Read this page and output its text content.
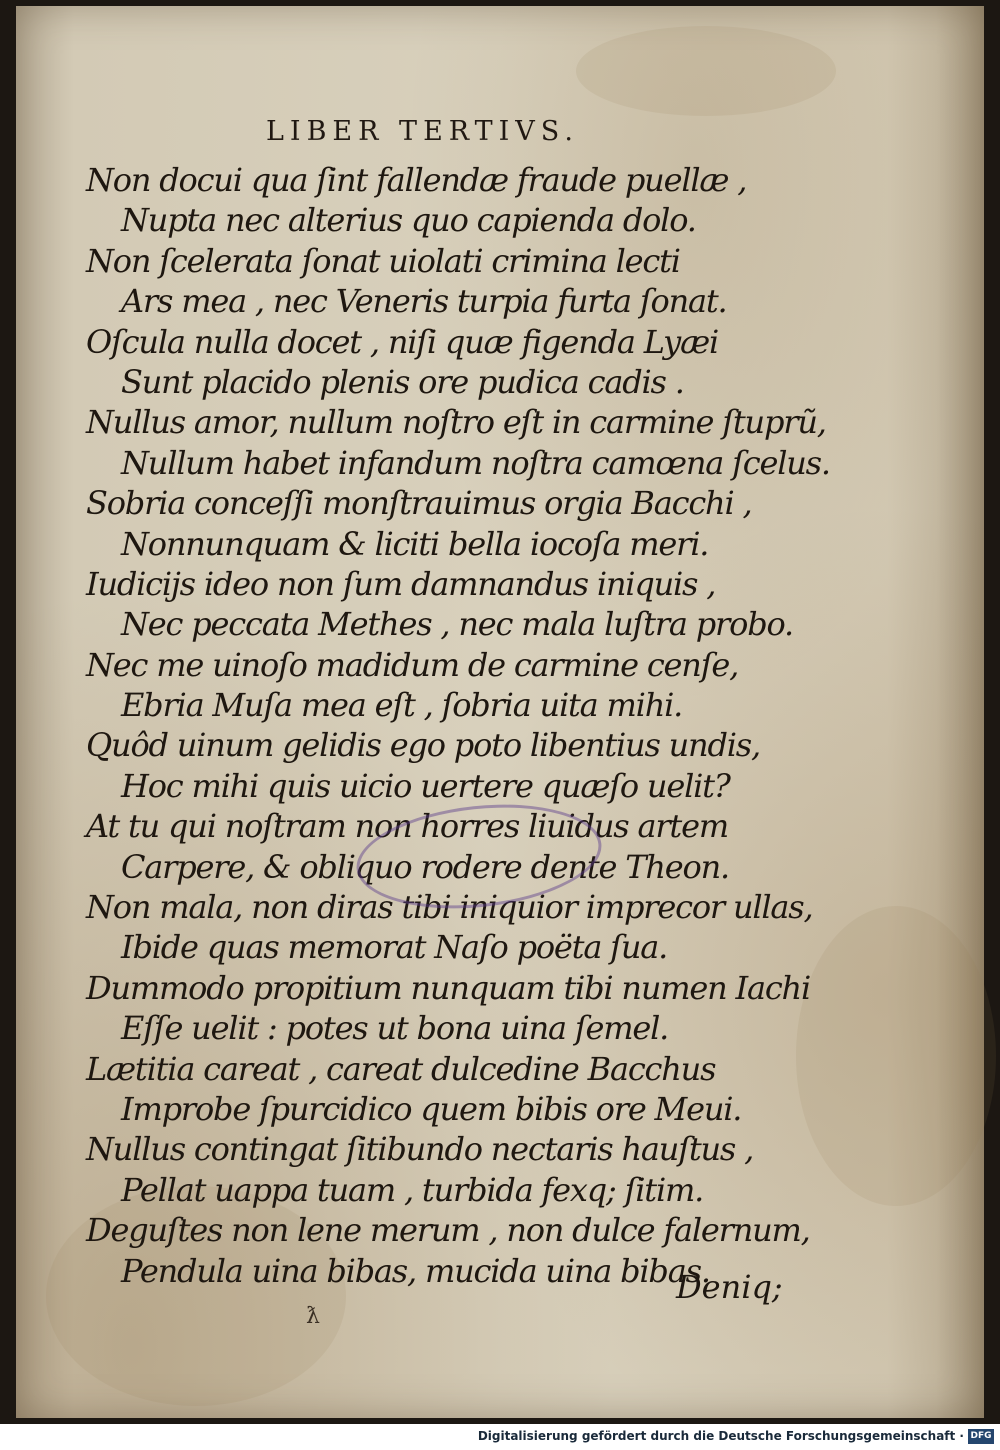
LIBER TERTIVS.
Non docui qua ſint fallendæ fraude puellæ ,
Nupta nec alterius quo capienda dolo.
Non ſcelerata ſonat uiolati crimina lecti
Ars mea , nec Veneris turpia furta ſonat.
Oſcula nulla docet , niſi quæ figenda Lyæi
Sunt placido plenis ore pudica cadis .
Nullus amor, nullum noſtro eſt in carmine ſtuprũ,
Nullum habet infandum noſtra camœna ſcelus.
Sobria conceſſi monſtrauimus orgia Bacchi ,
Nonnunquam & liciti bella iocoſa meri.
Iudicijs ideo non ſum damnandus iniquis ,
Nec peccata Methes , nec mala luſtra probo.
Nec me uinoſo madidum de carmine cenſe,
Ebria Muſa mea eſt , ſobria uita mihi.
Quôd uinum gelidis ego poto libentius undis,
Hoc mihi quis uicio uertere quæſo uelit?
At tu qui noſtram non horres liuidus artem
Carpere, & obliquo rodere dente Theon.
Non mala, non diras tibi iniquior imprecor ullas,
Ibide quas memorat Naſo poëta ſua.
Dummodo propitium nunquam tibi numen Iachi
Eſſe uelit : potes ut bona uina ſemel.
Lætitia careat , careat dulcedine Bacchus
Improbe ſpurcidico quem bibis ore Meui.
Nullus contingat ſitibundo nectaris hauſtus ,
Pellat uappa tuam , turbida fexq; ſitim.
Deguſtes non lene merum , non dulce falernum,
Pendula uina bibas, mucida uina bibas.
Deniq;
ƛ
Digitalisierung gefördert durch die Deutsche Forschungsgemeinschaft · DFG
